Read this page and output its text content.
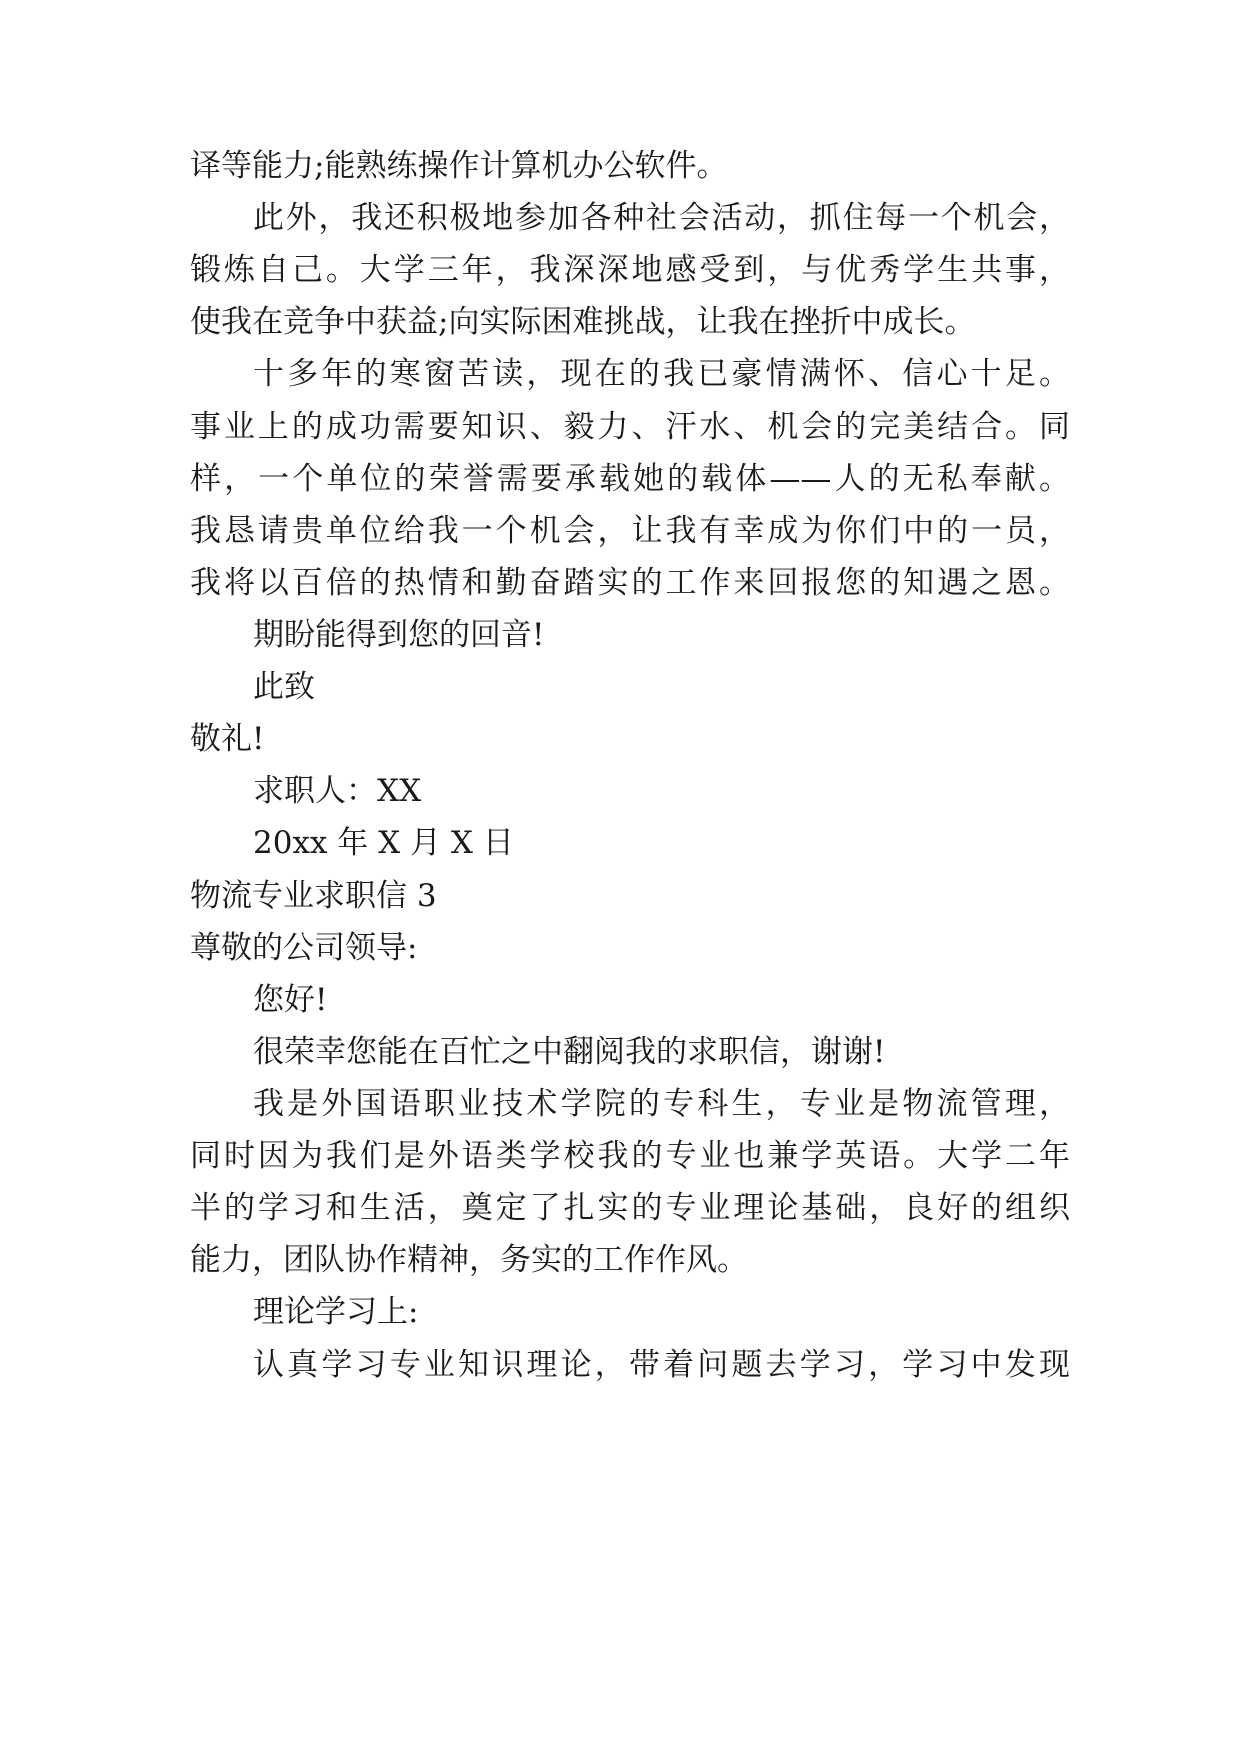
译等能力;能熟练操作计算机办公软件。
此外，我还积极地参加各种社会活动，抓住每一个机会，
锻炼自己。大学三年，我深深地感受到，与优秀学生共事，
使我在竞争中获益;向实际困难挑战，让我在挫折中成长。
十多年的寒窗苦读，现在的我已豪情满怀、信心十足。
事业上的成功需要知识、毅力、汗水、机会的完美结合。同
样，一个单位的荣誉需要承载她的载体——人的无私奉献。
我恳请贵单位给我一个机会，让我有幸成为你们中的一员，
我将以百倍的热情和勤奋踏实的工作来回报您的知遇之恩。
期盼能得到您的回音!
此致
敬礼!
求职人：XX
20xx 年 X 月 X 日
物流专业求职信 3
尊敬的公司领导:
您好!
很荣幸您能在百忙之中翻阅我的求职信，谢谢!
我是外国语职业技术学院的专科生，专业是物流管理，
同时因为我们是外语类学校我的专业也兼学英语。大学二年
半的学习和生活，奠定了扎实的专业理论基础，良好的组织
能力，团队协作精神，务实的工作作风。
理论学习上:
认真学习专业知识理论，带着问题去学习，学习中发现
